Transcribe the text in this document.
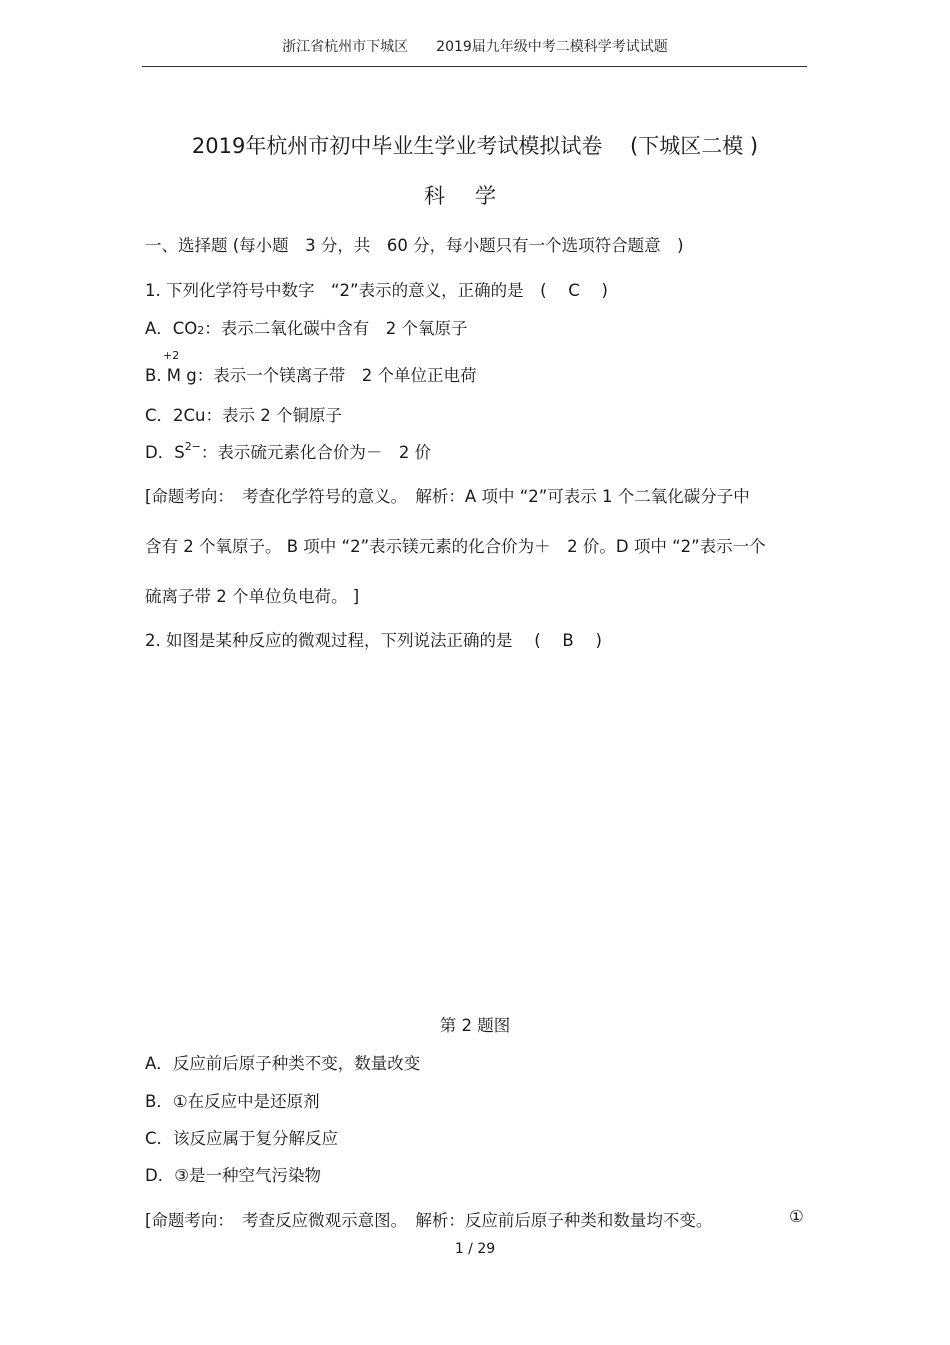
浙江省杭州市下城区 2019届九年级中考二模科学考试试题
2019年杭州市初中毕业生学业考试模拟试卷　 (下城区二模 )
科学
一、选择题 (每小题　3 分，共　60 分，每小题只有一个选项符合题意　)
1. 下列化学符号中数字　“2”表示的意义，正确的是　(　 C　 )
A．CO2：表示二氧化碳中含有　2 个氧原子
B. M g
+2
：表示一个镁离子带　2 个单位正电荷
C．2Cu：表示 2 个铜原子
D．$S^{2-}$：表示硫元素化合价为－　2 价
[命题考向：　考查化学符号的意义。　解析：A 项中 “2”可表示 1 个二氧化碳分子中
含有 2 个氧原子。 B 项中 “2”表示镁元素的化合价为＋　2 价。D 项中 “2”表示一个
硫离子带 2 个单位负电荷。 ]
2. 如图是某种反应的微观过程，下列说法正确的是　 (　 B　 )
第 2 题图
A．反应前后原子种类不变，数量改变
B．①在反应中是还原剂
C．该反应属于复分解反应
D．③是一种空气污染物
[命题考向：　考查反应微观示意图。　解析：反应前后原子种类和数量均不变。	①
1 / 29
